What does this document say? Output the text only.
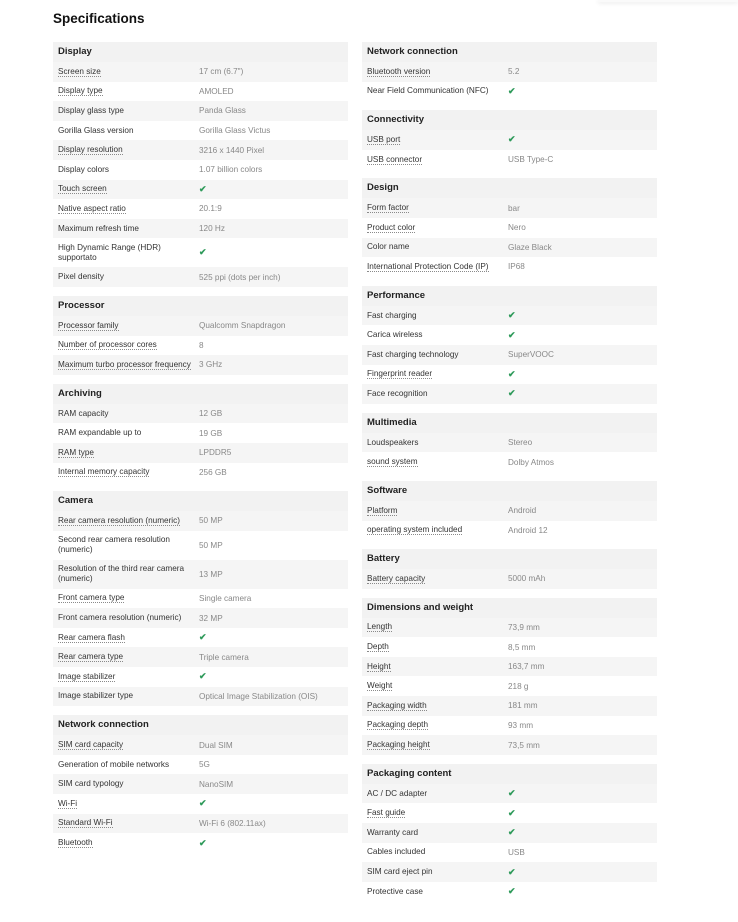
Specifications
Display
Screen size	17 cm (6.7")
Display type	AMOLED
Display glass type	Panda Glass
Gorilla Glass version	Gorilla Glass Victus
Display resolution	3216 x 1440 Pixel
Display colors	1.07 billion colors
Touch screen	✔
Native aspect ratio	20.1:9
Maximum refresh time	120 Hz
High Dynamic Range (HDR) supportato	✔
Pixel density	525 ppi (dots per inch)
Processor
Processor family	Qualcomm Snapdragon
Number of processor cores	8
Maximum turbo processor frequency 3 GHz
Archiving
RAM capacity	12 GB
RAM expandable up to	19 GB
RAM type	LPDDR5
Internal memory capacity	256 GB
Camera
Rear camera resolution (numeric)	50 MP
Second rear camera resolution (numeric)	50 MP
Resolution of the third rear camera (numeric)	13 MP
Front camera type	Single camera
Front camera resolution (numeric)	32 MP
Rear camera flash	✔
Rear camera type	Triple camera
Image stabilizer	✔
Image stabilizer type	Optical Image Stabilization (OIS)
Network connection
SIM card capacity	Dual SIM
Generation of mobile networks	5G
SIM card typology	NanoSIM
Wi-Fi	✔
Standard Wi-Fi	Wi-Fi 6 (802.11ax)
Bluetooth	✔
Network connection
Bluetooth version	5.2
Near Field Communication (NFC)	✔
Connectivity
USB port	✔
USB connector	USB Type-C
Design
Form factor	bar
Product color	Nero
Color name	Glaze Black
International Protection Code (IP)	IP68
Performance
Fast charging	✔
Carica wireless	✔
Fast charging technology	SuperVOOC
Fingerprint reader	✔
Face recognition	✔
Multimedia
Loudspeakers	Stereo
sound system	Dolby Atmos
Software
Platform	Android
operating system included	Android 12
Battery
Battery capacity	5000 mAh
Dimensions and weight
Length	73,9 mm
Depth	8,5 mm
Height	163,7 mm
Weight	218 g
Packaging width	181 mm
Packaging depth	93 mm
Packaging height	73,5 mm
Packaging content
AC / DC adapter	✔
Fast guide	✔
Warranty card	✔
Cables included	USB
SIM card eject pin	✔
Protective case	✔
